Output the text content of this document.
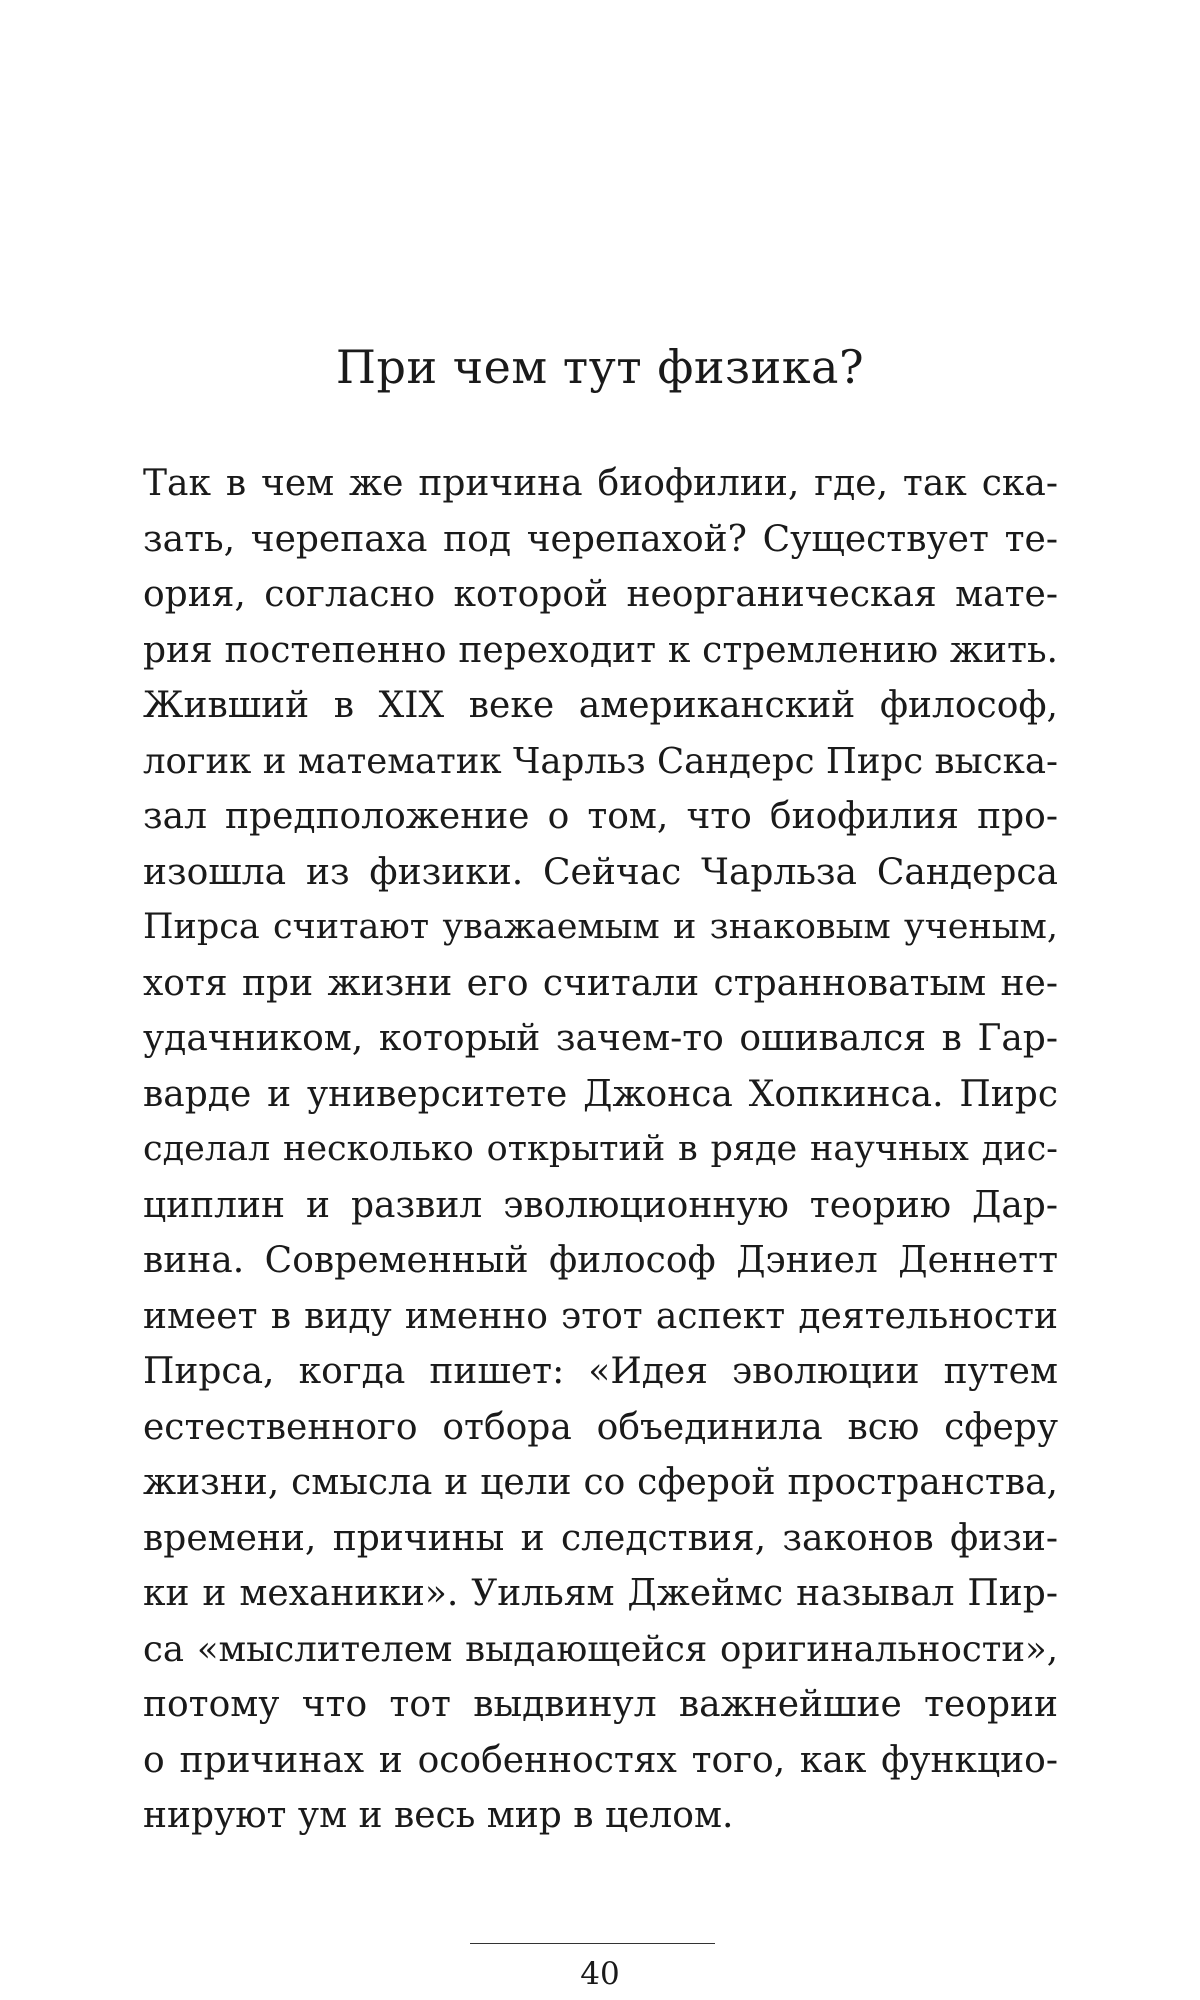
При чем тут физика?
Так в чем же причина биофилии, где, так ска-
зать, черепаха под черепахой? Существует те-
ория, согласно которой неорганическая мате-
рия постепенно переходит к стремлению жить.
Живший в XIX веке американский философ,
логик и математик Чарльз Сандерс Пирс выска-
зал предположение о том, что биофилия про-
изошла из физики. Сейчас Чарльза Сандерса
Пирса считают уважаемым и знаковым ученым,
хотя при жизни его считали странноватым не-
удачником, который зачем-то ошивался в Гар-
варде и университете Джонса Хопкинса. Пирс
сделал несколько открытий в ряде научных дис-
циплин и развил эволюционную теорию Дар-
вина. Современный философ Дэниел Деннетт
имеет в виду именно этот аспект деятельности
Пирса, когда пишет: «Идея эволюции путем
естественного отбора объединила всю сферу
жизни, смысла и цели со сферой пространства,
времени, причины и следствия, законов физи-
ки и механики». Уильям Джеймс называл Пир-
са «мыслителем выдающейся оригинальности»,
потому что тот выдвинул важнейшие теории
о причинах и особенностях того, как функцио-
нируют ум и весь мир в целом.
40
